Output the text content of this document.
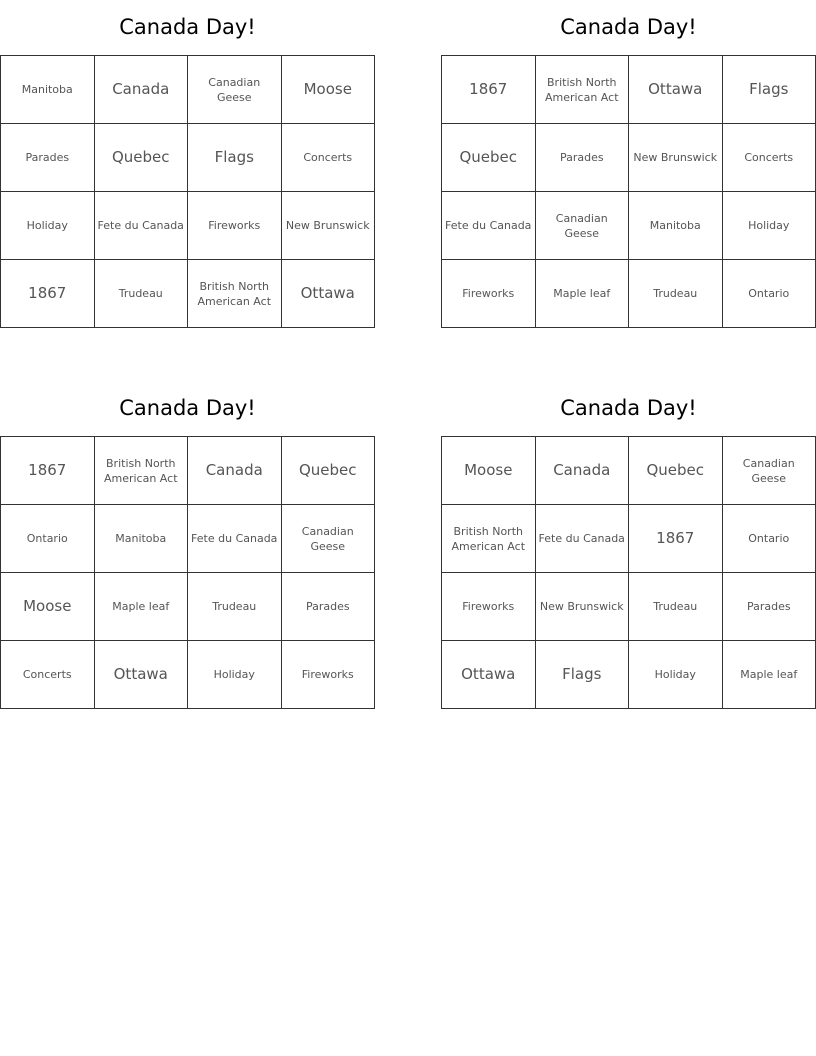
Canada Day!
Manitoba	Canada	Canadian Geese	Moose
Parades	Quebec	Flags	Concerts
Holiday	Fete du Canada	Fireworks	New Brunswick
1867	Trudeau	British North American Act	Ottawa
Canada Day!
1867	British North American Act	Ottawa	Flags
Quebec	Parades	New Brunswick	Concerts
Fete du Canada	Canadian Geese	Manitoba	Holiday
Fireworks	Maple leaf	Trudeau	Ontario
Canada Day!
1867	British North American Act	Canada	Quebec
Ontario	Manitoba	Fete du Canada	Canadian Geese
Moose	Maple leaf	Trudeau	Parades
Concerts	Ottawa	Holiday	Fireworks
Canada Day!
Moose	Canada	Quebec	Canadian Geese
British North American Act	Fete du Canada	1867	Ontario
Fireworks	New Brunswick	Trudeau	Parades
Ottawa	Flags	Holiday	Maple leaf
